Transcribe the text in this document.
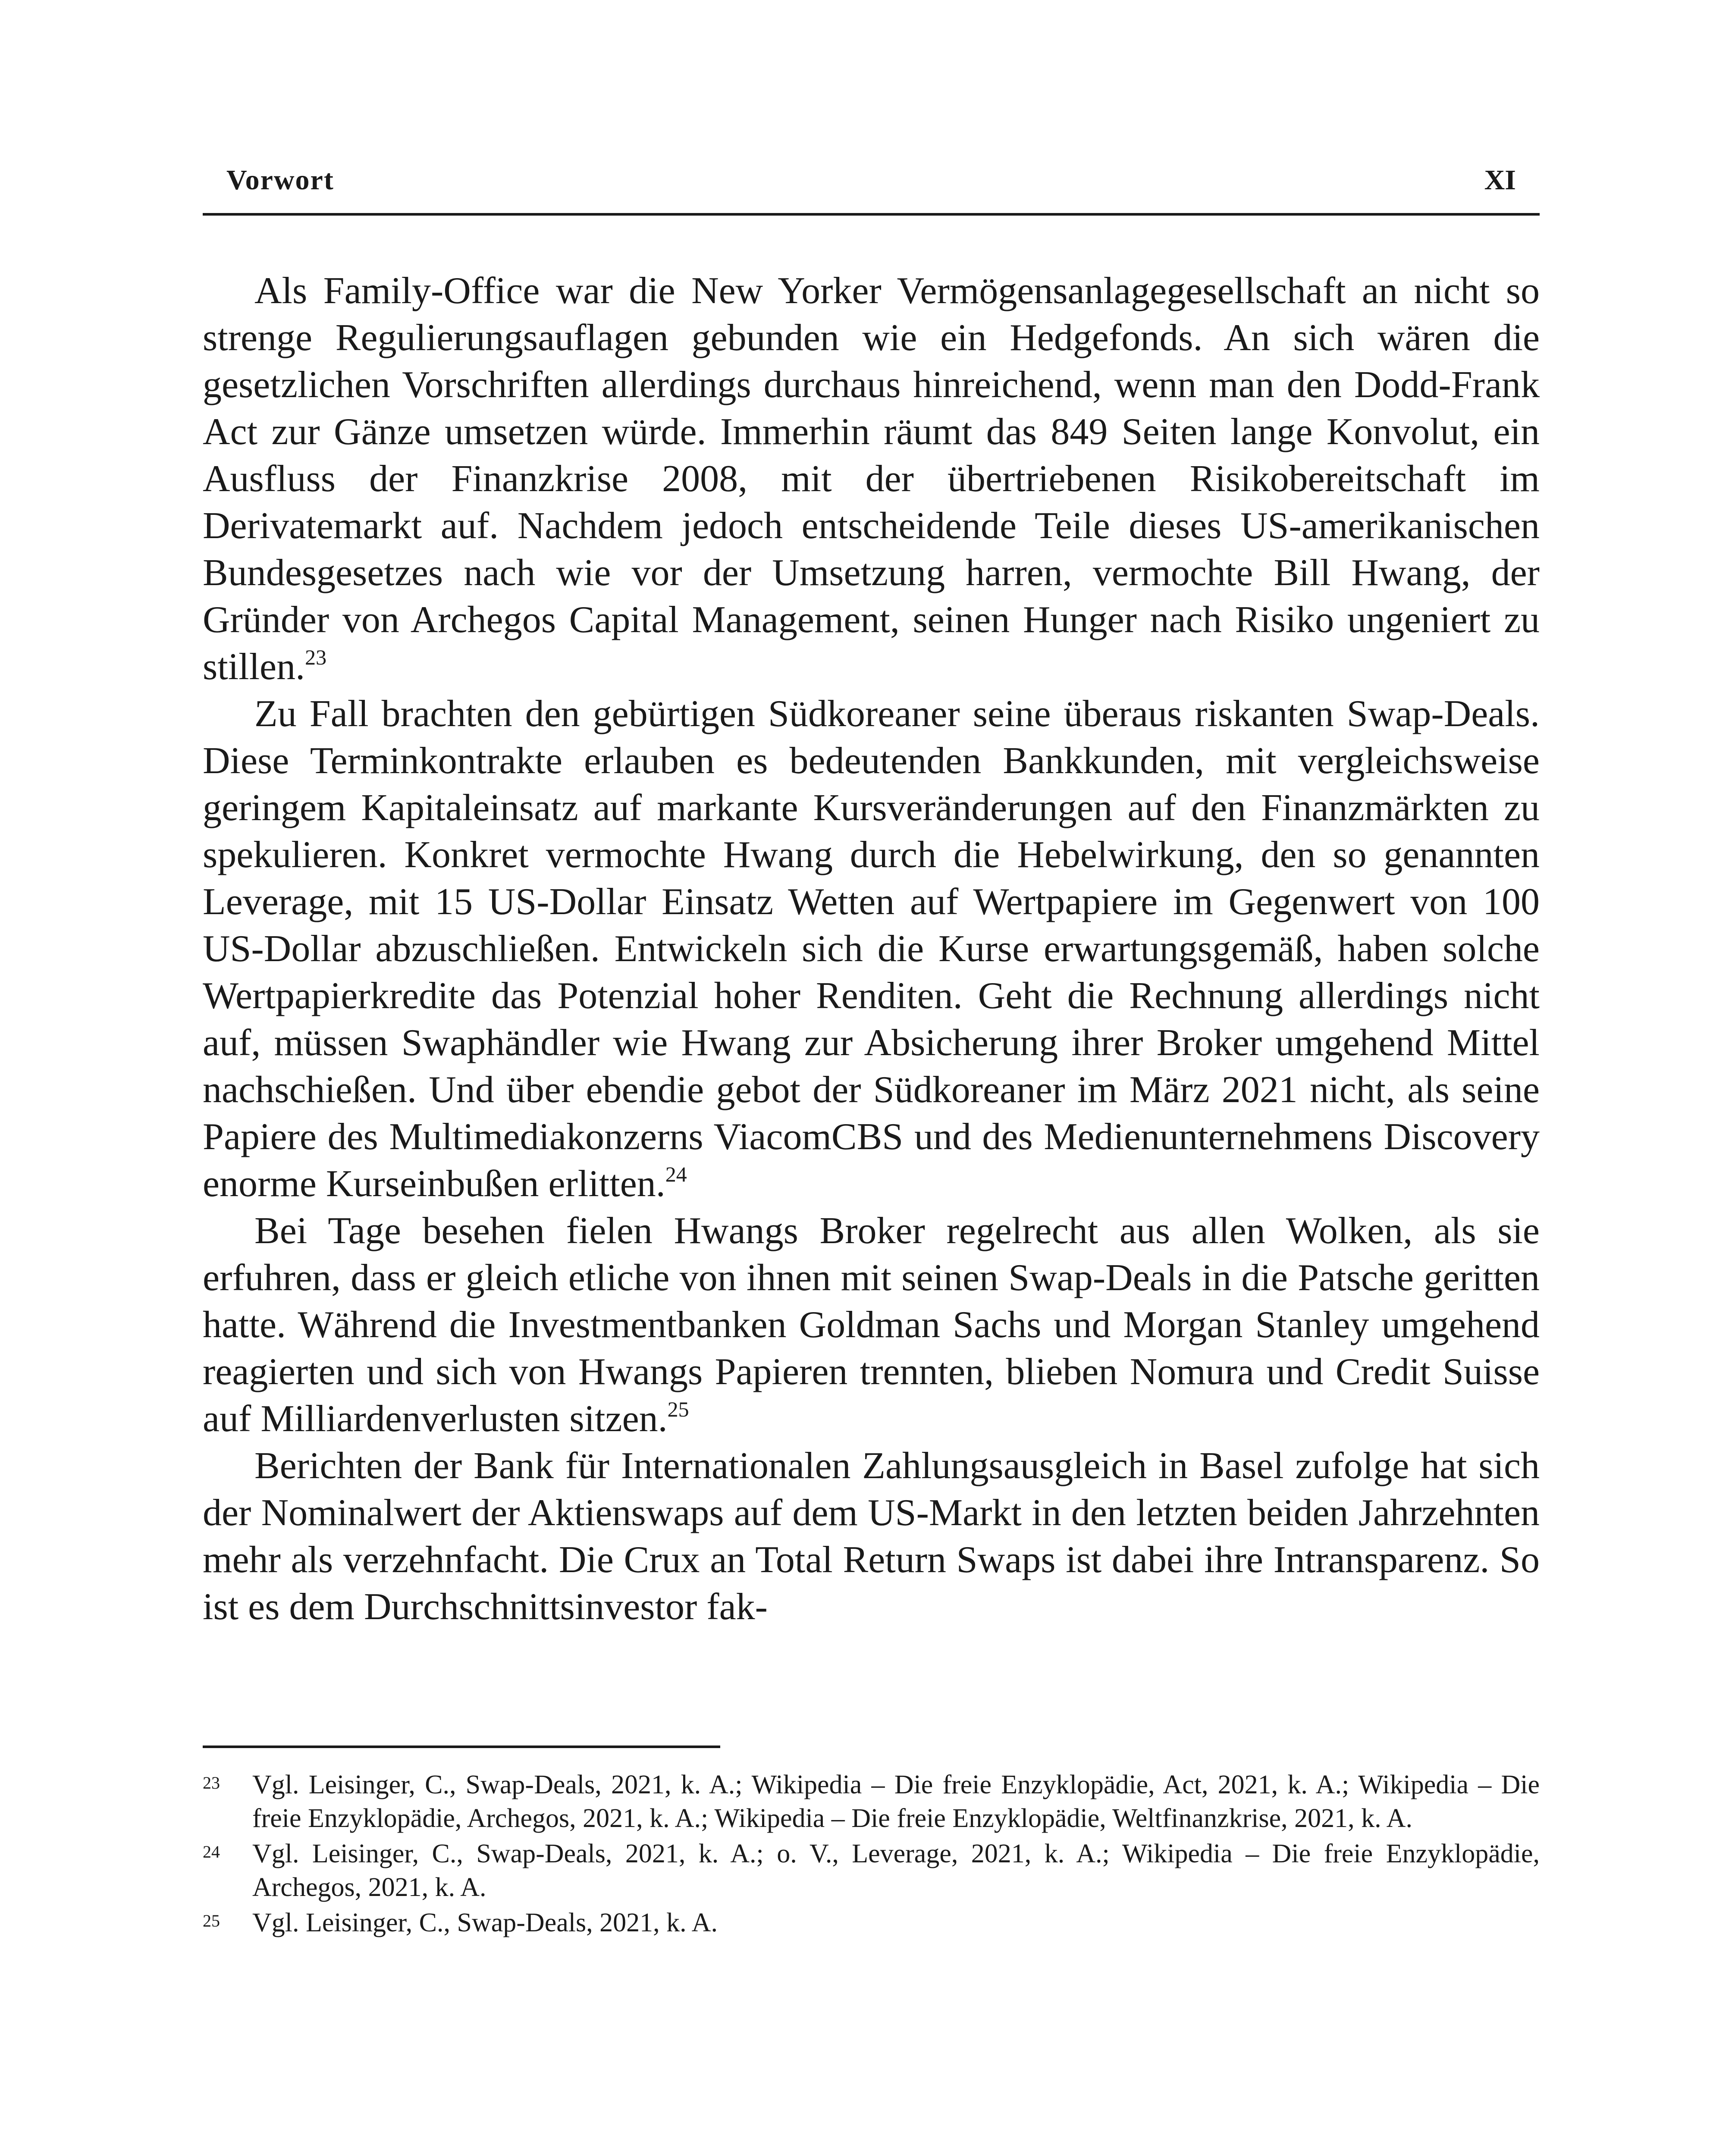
Vorwort	XI

Als Family-Office war die New Yorker Vermögensanlagegesellschaft an nicht so strenge Regulierungsauflagen gebunden wie ein Hedgefonds. An sich wären die gesetzlichen Vorschriften allerdings durchaus hinreichend, wenn man den Dodd-Frank Act zur Gänze umsetzen würde. Immerhin räumt das 849 Seiten lange Konvolut, ein Ausfluss der Finanzkrise 2008, mit der übertriebenen Risikobereitschaft im Derivatemarkt auf. Nachdem jedoch entscheidende Teile dieses US-amerikanischen Bundesgesetzes nach wie vor der Umsetzung harren, vermochte Bill Hwang, der Gründer von Archegos Capital Management, seinen Hunger nach Risiko ungeniert zu stillen.$^{23}$

Zu Fall brachten den gebürtigen Südkoreaner seine überaus riskanten Swap-Deals. Diese Terminkontrakte erlauben es bedeutenden Bankkunden, mit vergleichsweise geringem Kapitaleinsatz auf markante Kursveränderungen auf den Finanzmärkten zu spekulieren. Konkret vermochte Hwang durch die Hebelwirkung, den so genannten Leverage, mit 15 US-Dollar Einsatz Wetten auf Wertpapiere im Gegenwert von 100 US-Dollar abzuschließen. Entwickeln sich die Kurse erwartungsgemäß, haben solche Wertpapierkredite das Potenzial hoher Renditen. Geht die Rechnung allerdings nicht auf, müssen Swaphändler wie Hwang zur Absicherung ihrer Broker umgehend Mittel nachschießen. Und über ebendie gebot der Südkoreaner im März 2021 nicht, als seine Papiere des Multimediakonzerns ViacomCBS und des Medienunternehmens Discovery enorme Kurseinbußen erlitten.$^{24}$

Bei Tage besehen fielen Hwangs Broker regelrecht aus allen Wolken, als sie erfuhren, dass er gleich etliche von ihnen mit seinen Swap-Deals in die Patsche geritten hatte. Während die Investmentbanken Goldman Sachs und Morgan Stanley umgehend reagierten und sich von Hwangs Papieren trennten, blieben Nomura und Credit Suisse auf Milliardenverlusten sitzen.$^{25}$

Berichten der Bank für Internationalen Zahlungsausgleich in Basel zufolge hat sich der Nominalwert der Aktienswaps auf dem US-Markt in den letzten beiden Jahrzehnten mehr als verzehnfacht. Die Crux an Total Return Swaps ist dabei ihre Intransparenz. So ist es dem Durchschnittsinvestor fak-

23 Vgl. Leisinger, C., Swap-Deals, 2021, k. A.; Wikipedia – Die freie Enzyklopädie, Act, 2021, k. A.; Wikipedia – Die freie Enzyklopädie, Archegos, 2021, k. A.; Wikipedia – Die freie Enzyklopädie, Weltfinanzkrise, 2021, k. A.
24 Vgl. Leisinger, C., Swap-Deals, 2021, k. A.; o. V., Leverage, 2021, k. A.; Wikipedia – Die freie Enzyklopädie, Archegos, 2021, k. A.
25 Vgl. Leisinger, C., Swap-Deals, 2021, k. A.
